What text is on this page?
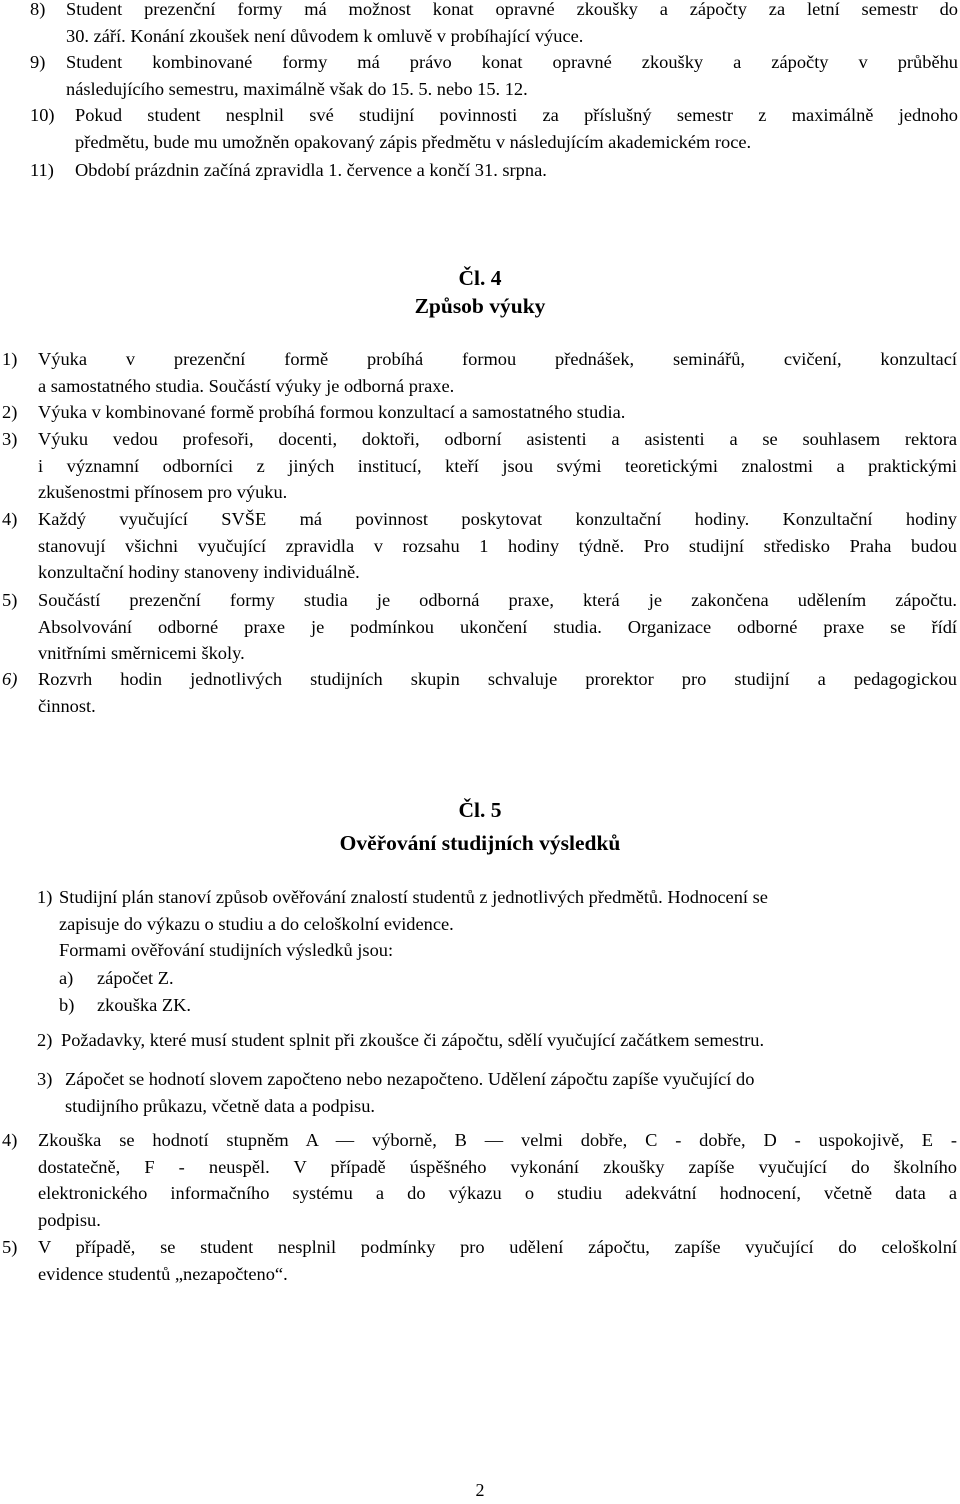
8) Student prezenční formy má možnost konat opravné zkoušky a zápočty za letní semestr do
30. září. Konání zkoušek není důvodem k omluvě v probíhající výuce.
9) Student kombinované formy má právo konat opravné zkoušky a zápočty v průběhu
následujícího semestru, maximálně však do 15. 5. nebo 15. 12.
10) Pokud student nesplnil své studijní povinnosti za příslušný semestr z maximálně jednoho
předmětu, bude mu umožněn opakovaný zápis předmětu v následujícím akademickém roce.
11) Období prázdnin začíná zpravidla 1. července a končí 31. srpna.
Čl. 4
Způsob výuky
1) Výuka v prezenční formě probíhá formou přednášek, seminářů, cvičení, konzultací
a samostatného studia. Součástí výuky je odborná praxe.
2) Výuka v kombinované formě probíhá formou konzultací a samostatného studia.
3) Výuku vedou profesoři, docenti, doktoři, odborní asistenti a asistenti a se souhlasem rektora
i významní odborníci z jiných institucí, kteří jsou svými teoretickými znalostmi a praktickými
zkušenostmi přínosem pro výuku.
4) Každý vyučující SVŠE má povinnost poskytovat konzultační hodiny. Konzultační hodiny
stanovují všichni vyučující zpravidla v rozsahu 1 hodiny týdně. Pro studijní středisko Praha budou
konzultační hodiny stanoveny individuálně.
5) Součástí prezenční formy studia je odborná praxe, která je zakončena udělením zápočtu.
Absolvování odborné praxe je podmínkou ukončení studia. Organizace odborné praxe se řídí
vnitřními směrnicemi školy.
6) Rozvrh hodin jednotlivých studijních skupin schvaluje prorektor pro studijní a pedagogickou
činnost.
Čl. 5
Ověřování studijních výsledků
1) Studijní plán stanoví způsob ověřování znalostí studentů z jednotlivých předmětů. Hodnocení se
zapisuje do výkazu o studiu a do celoškolní evidence.
Formami ověřování studijních výsledků jsou:
a) zápočet Z.
b) zkouška ZK.
2) Požadavky, které musí student splnit při zkoušce či zápočtu, sdělí vyučující začátkem semestru.
3) Zápočet se hodnotí slovem započteno nebo nezapočteno. Udělení zápočtu zapíše vyučující do
studijního průkazu, včetně data a podpisu.
4) Zkouška se hodnotí stupněm A — výborně, B — velmi dobře, C - dobře, D - uspokojivě, E -
dostatečně, F - neuspěl. V případě úspěšného vykonání zkoušky zapíše vyučující do školního
elektronického informačního systému a do výkazu o studiu adekvátní hodnocení, včetně data a
podpisu.
5) V případě, se student nesplnil podmínky pro udělení zápočtu, zapíše vyučující do celoškolní
evidence studentů „nezapočteno“.
2
